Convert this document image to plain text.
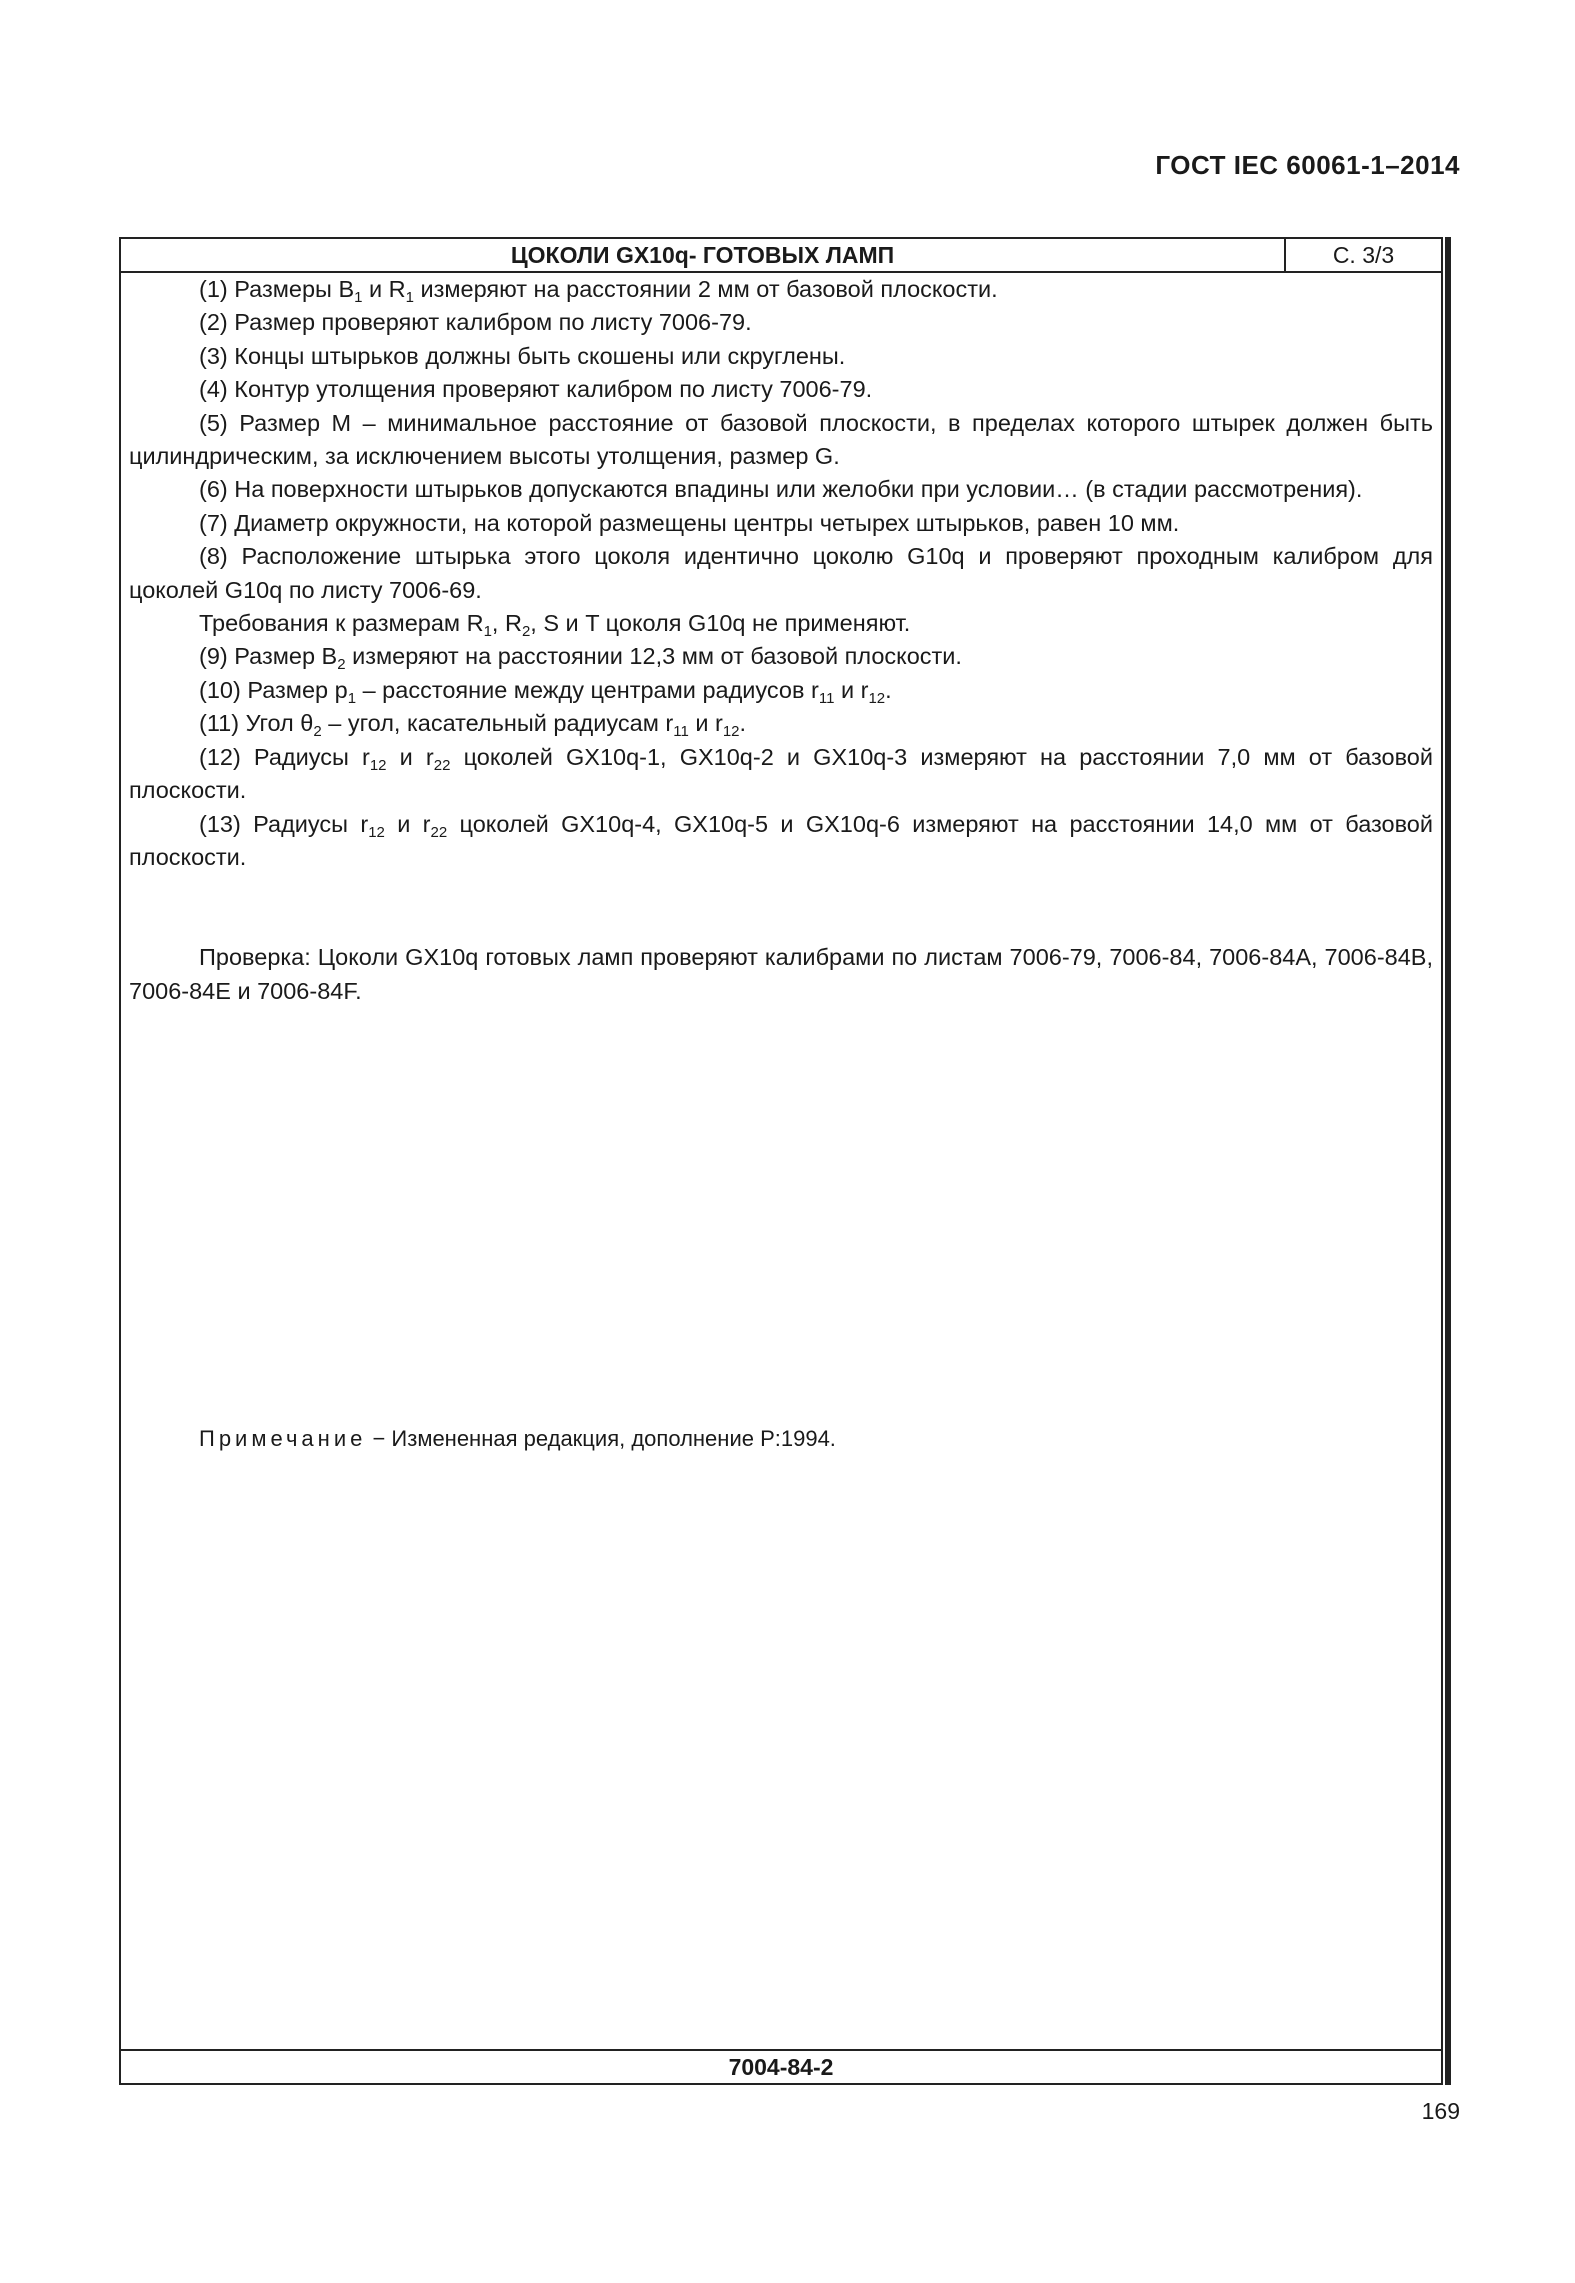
ГОСТ IEC 60061-1–2014
ЦОКОЛИ GX10q- ГОТОВЫХ ЛАМП	С. 3/3

(1) Размеры $B_1$ и $R_1$ измеряют на расстоянии 2 мм от базовой плоскости.

(2) Размер проверяют калибром по листу 7006-79.

(3) Концы штырьков должны быть скошены или скруглены.

(4) Контур утолщения проверяют калибром по листу 7006-79.

(5) Размер M – минимальное расстояние от базовой плоскости, в пределах которого штырек должен быть цилиндрическим, за исключением высоты утолщения, размер G.

(6) На поверхности штырьков допускаются впадины или желобки при условии… (в стадии рассмотрения).

(7) Диаметр окружности, на которой размещены центры четырех штырьков, равен 10 мм.

(8) Расположение штырька этого цоколя идентично цоколю G10q и проверяют проходным калибром для цоколей G10q по листу 7006-69.

Требования к размерам $R_1$, $R_2$, S и T цоколя G10q не применяют.

(9) Размер $B_2$ измеряют на расстоянии 12,3 мм от базовой плоскости.

(10) Размер $p_1$ – расстояние между центрами радиусов $r_{11}$ и $r_{12}$.

(11) Угол $\theta_2$ – угол, касательный радиусам $r_{11}$ и $r_{12}$.

(12) Радиусы $r_{12}$ и $r_{22}$ цоколей GX10q-1, GX10q-2 и GX10q-3 измеряют на расстоянии 7,0 мм от базовой плоскости.

(13) Радиусы $r_{12}$ и $r_{22}$ цоколей GX10q-4, GX10q-5 и GX10q-6 измеряют на расстоянии 14,0 мм от базовой плоскости.

Проверка: Цоколи GX10q готовых ламп проверяют калибрами по листам 7006-79, 7006-84, 7006-84A, 7006-84B, 7006-84E и 7006-84F.

Примечание − Измененная редакция, дополнение P:1994.
7004-84-2
169
